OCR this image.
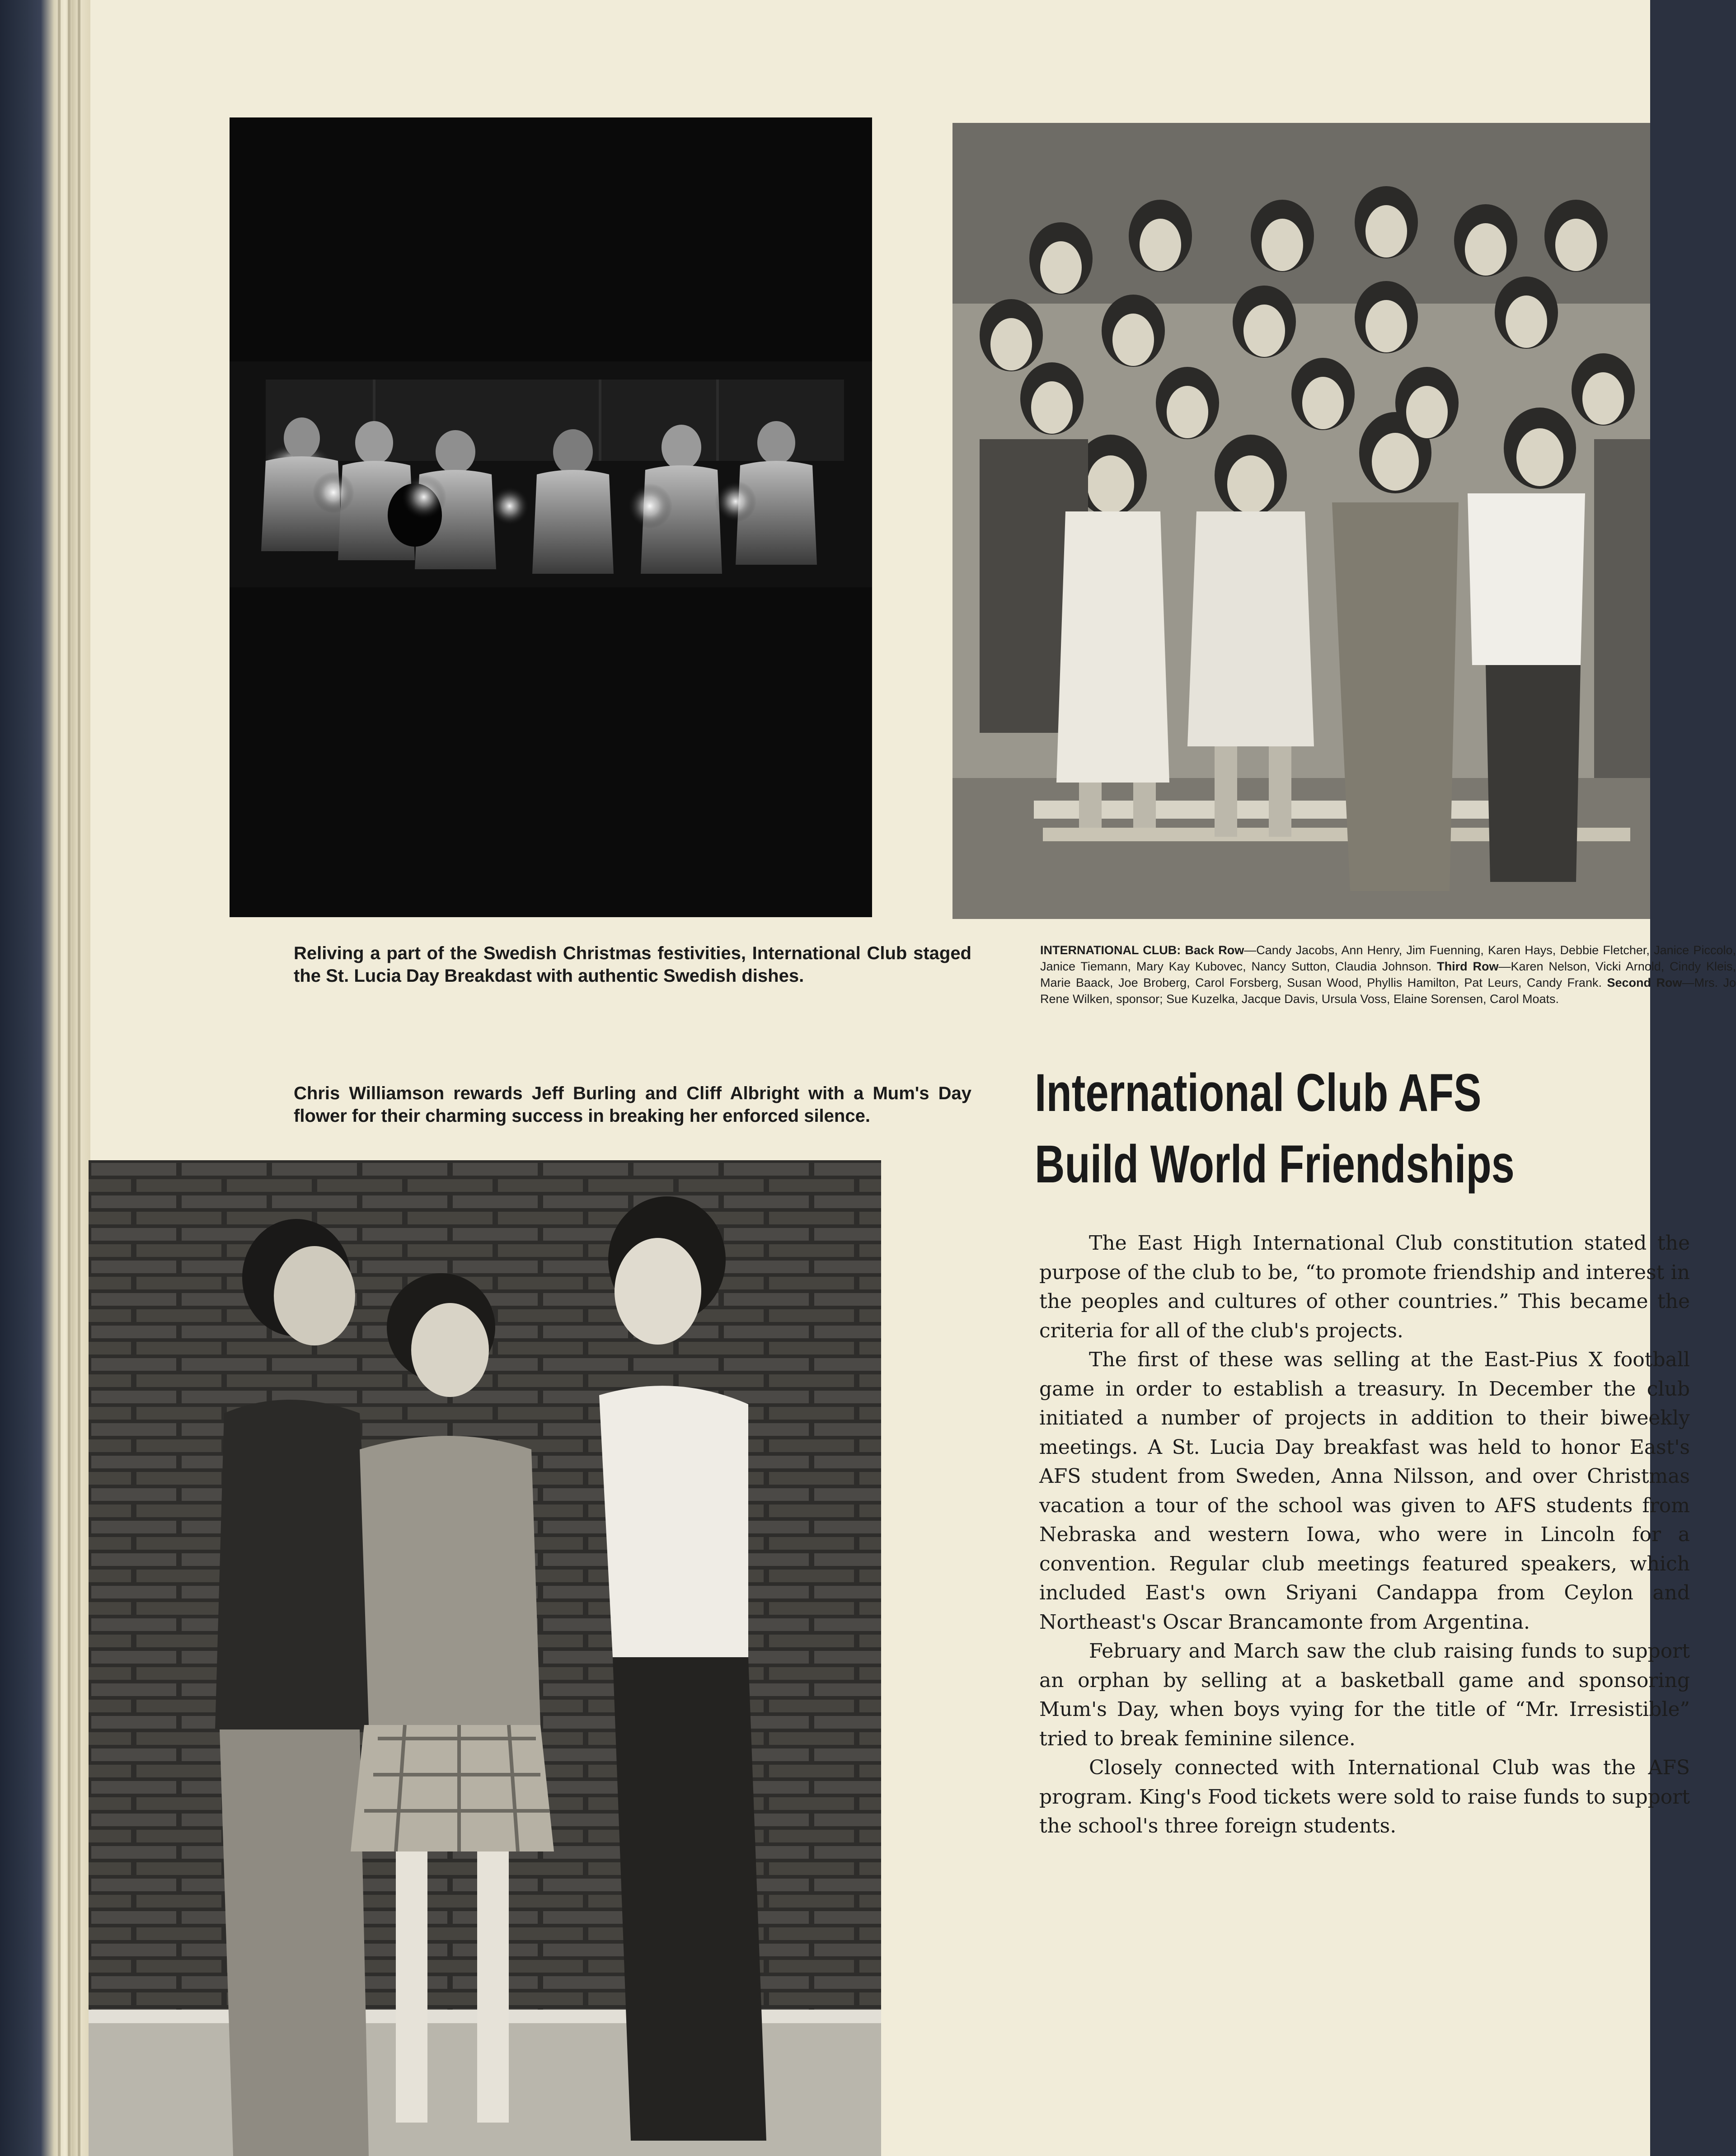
Reliving a part of the Swedish Christmas festivities, International Club staged the St. Lucia Day Breakdast with authentic Swedish dishes.
INTERNATIONAL CLUB: Back Row—Candy Jacobs, Ann Henry, Jim Fuenning, Karen Hays, Debbie Fletcher, Janice Piccolo, Janice Tiemann, Mary Kay Kubovec, Nancy Sutton, Claudia Johnson. Third Row—Karen Nelson, Vicki Arnold, Cindy Kleis, Marie Baack, Joe Broberg, Carol Forsberg, Susan Wood, Phyllis Hamilton, Pat Leurs, Candy Frank. Second Row—Mrs. Jo Rene Wilken, sponsor; Sue Kuzelka, Jacque Davis, Ursula Voss, Elaine Sorensen, Carol Moats.
Chris Williamson rewards Jeff Burling and Cliff Albright with a Mum's Day flower for their charming success in breaking her enforced silence.	International Club AFS
Build World Friendships

The East High International Club constitution stated the purpose of the club to be, “to promote friendship and interest in the peoples and cultures of other countries.” This became the criteria for all of the club's projects.

The first of these was selling at the East-Pius X football game in order to establish a treasury. In December the club initiated a number of projects in addition to their biweekly meetings. A St. Lucia Day breakfast was held to honor East's AFS student from Sweden, Anna Nilsson, and over Christmas vacation a tour of the school was given to AFS students from Nebraska and western Iowa, who were in Lincoln for a convention. Regular club meetings featured speakers, which included East's own Sriyani Candappa from Ceylon and Northeast's Oscar Brancamonte from Argentina.

February and March saw the club raising funds to support an orphan by selling at a basketball game and sponsoring Mum's Day, when boys vying for the title of “Mr. Irresistible” tried to break feminine silence.

Closely connected with International Club was the AFS program. King's Food tickets were sold to raise funds to support the school's three foreign students.
